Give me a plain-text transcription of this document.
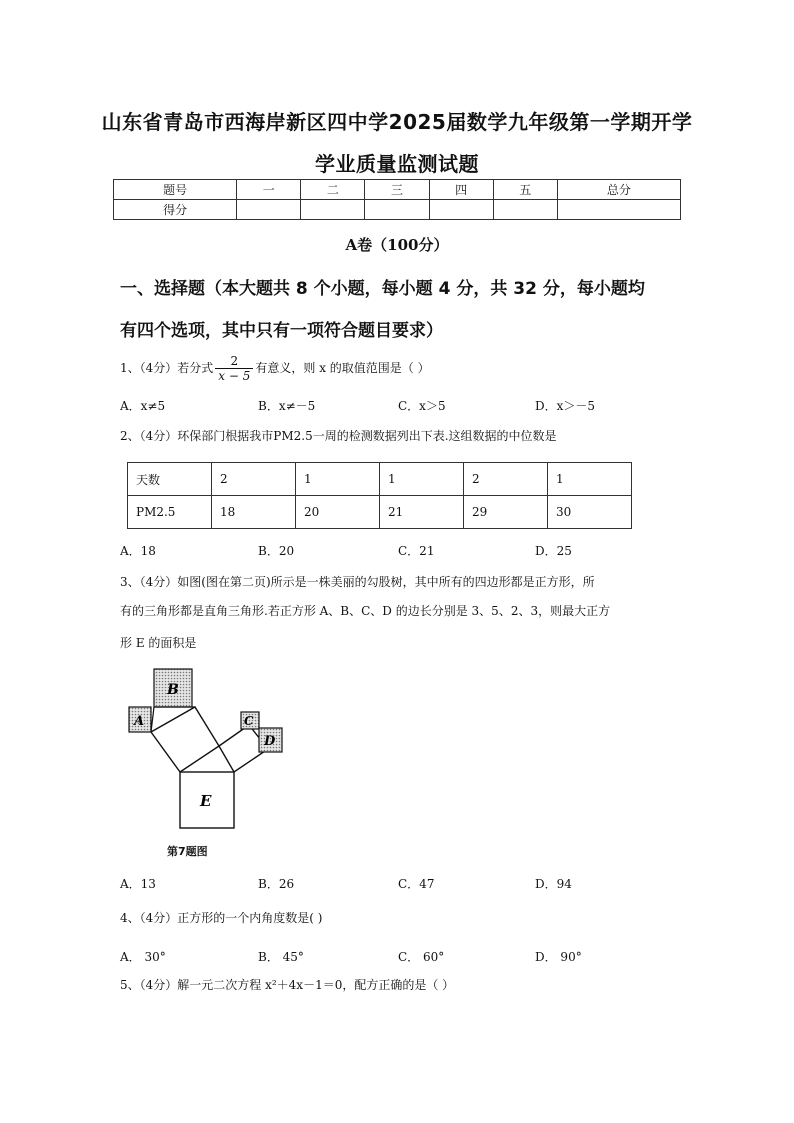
山东省青岛市西海岸新区四中学2025届数学九年级第一学期开学
学业质量监测试题
题号	一	二	三	四	五	总分
得分						
A卷（100分）
一、选择题（本大题共 8 个小题，每小题 4 分，共 32 分，每小题均
有四个选项，其中只有一项符合题目要求）
1、（4分）若分式 $\frac{2}{x - 5}$ 有意义，则 x 的取值范围是（ ）
A．x≠5	B．x≠－5	C．x＞5	D．x＞－5
2、（4分）环保部门根据我市PM2.5一周的检测数据列出下表.这组数据的中位数是
天数	2	1	1	2	1
PM2.5	18	20	21	29	30
A．18	B．20	C．21	D．25
3、（4分）如图(图在第二页)所示是一株美丽的勾股树，其中所有的四边形都是正方形，所
有的三角形都是直角三角形.若正方形 A、B、C、D 的边长分别是 3、5、2、3，则最大正方
形 E 的面积是
A
B
C
D
E
第7题图
A．13	B．26	C．47	D．94
4、（4分）正方形的一个内角度数是( )
A． 30°	B． 45°	C． 60°	D． 90°
5、（4分）解一元二次方程 x²＋4x－1＝0，配方正确的是（ ）
